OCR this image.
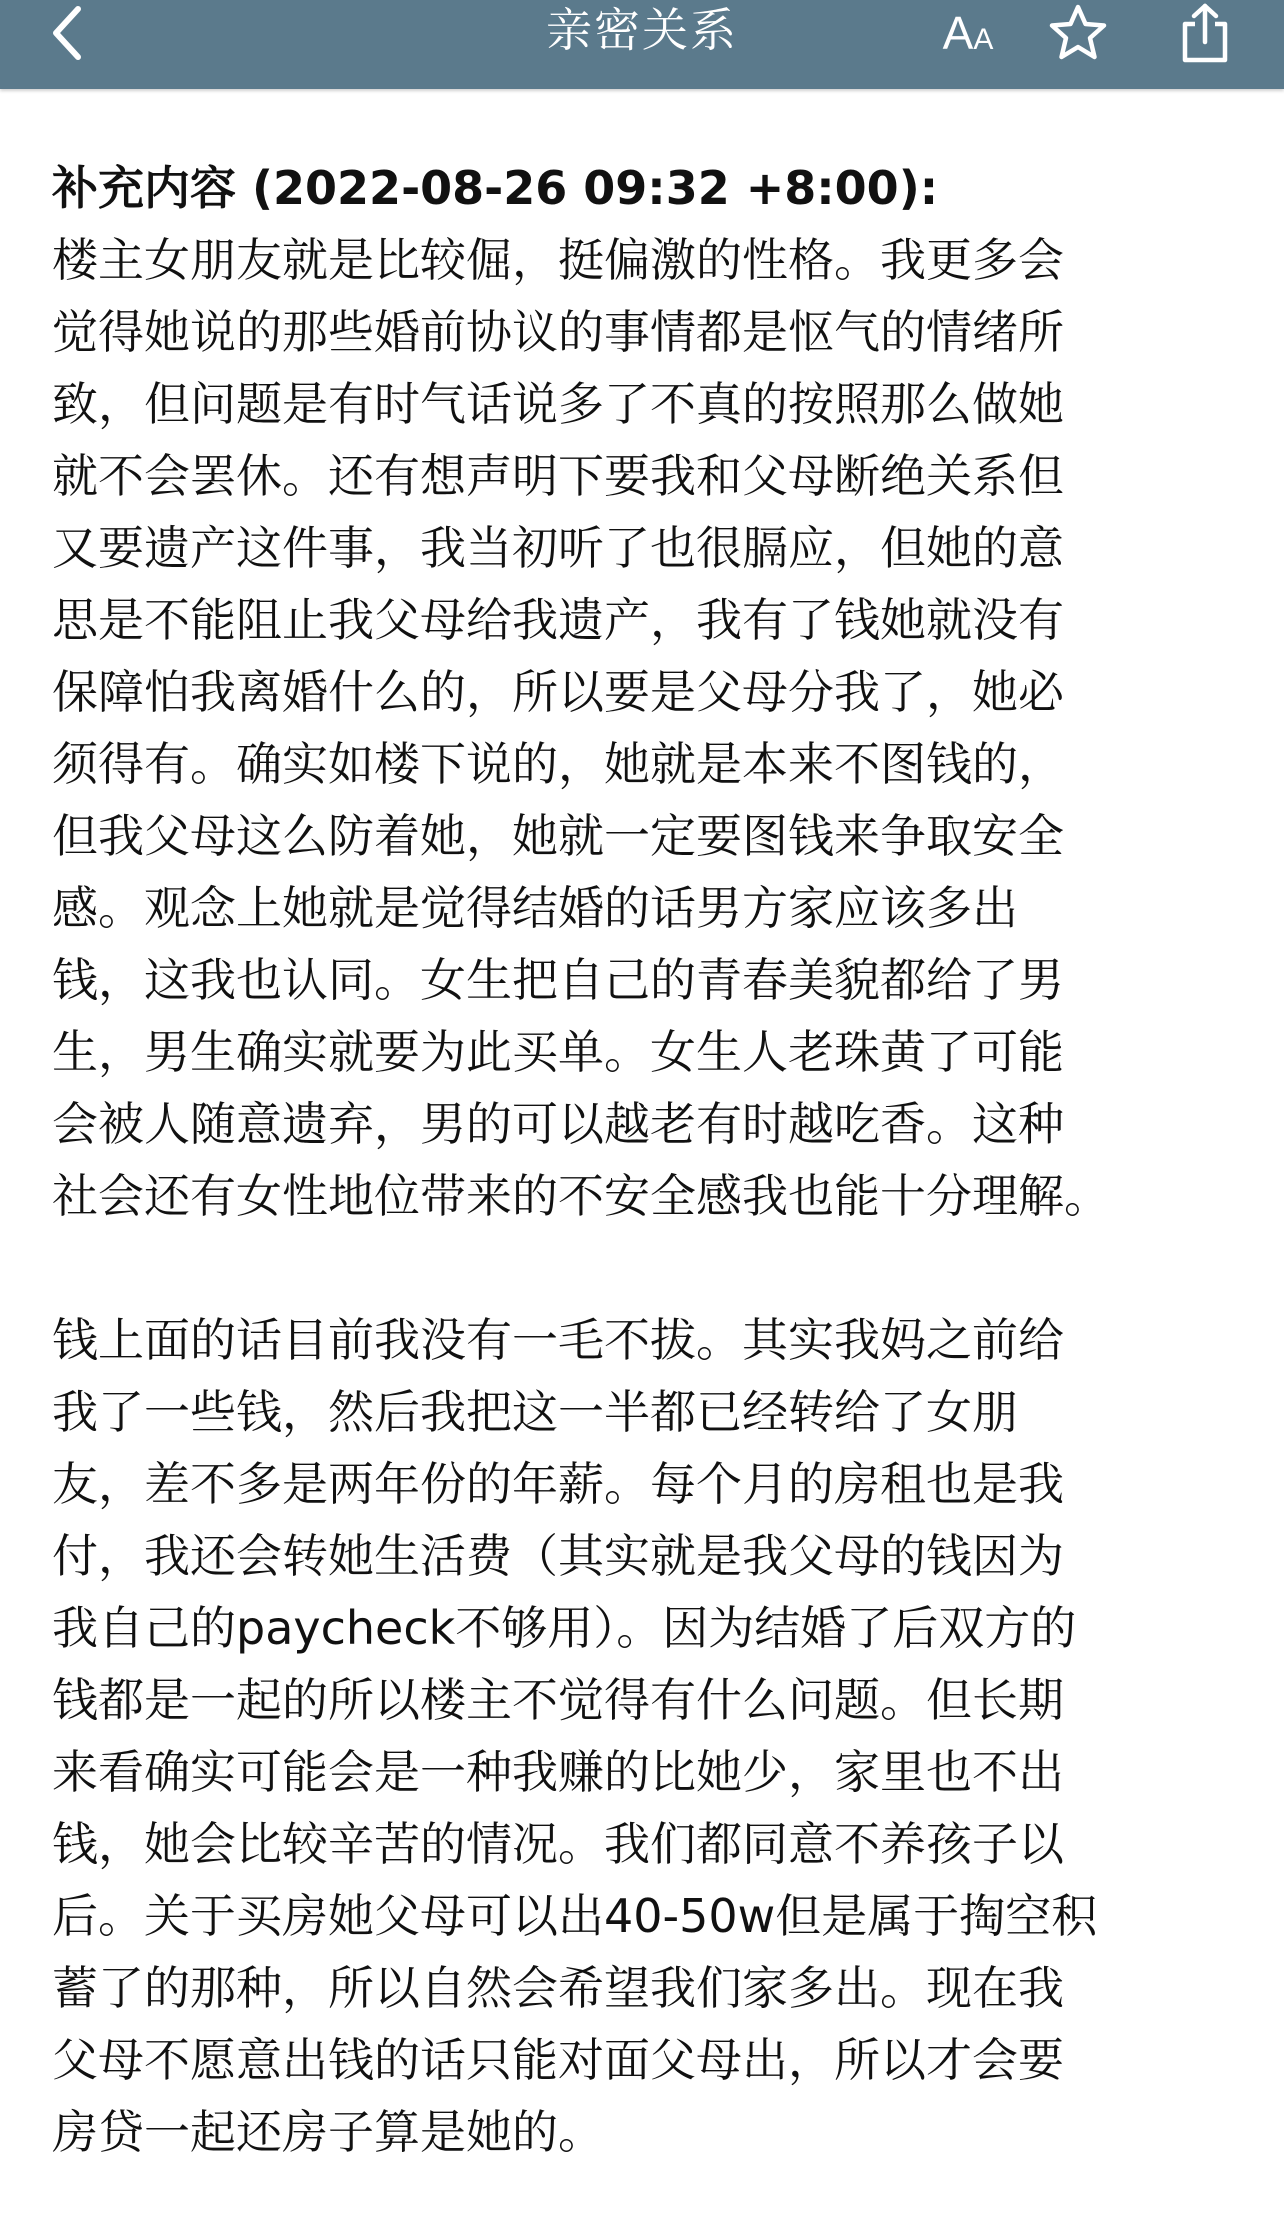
亲密关系	AA
补充内容 (2022-08-26 09:32 +8:00):
楼主女朋友就是比较倔，挺偏激的性格。我更多会
觉得她说的那些婚前协议的事情都是怄气的情绪所
致，但问题是有时气话说多了不真的按照那么做她
就不会罢休。还有想声明下要我和父母断绝关系但
又要遗产这件事，我当初听了也很膈应，但她的意
思是不能阻止我父母给我遗产，我有了钱她就没有
保障怕我离婚什么的，所以要是父母分我了，她必
须得有。确实如楼下说的，她就是本来不图钱的，
但我父母这么防着她，她就一定要图钱来争取安全
感。观念上她就是觉得结婚的话男方家应该多出
钱，这我也认同。女生把自己的青春美貌都给了男
生，男生确实就要为此买单。女生人老珠黄了可能
会被人随意遗弃，男的可以越老有时越吃香。这种
社会还有女性地位带来的不安全感我也能十分理解。
钱上面的话目前我没有一毛不拔。其实我妈之前给
我了一些钱，然后我把这一半都已经转给了女朋
友，差不多是两年份的年薪。每个月的房租也是我
付，我还会转她生活费（其实就是我父母的钱因为
我自己的paycheck不够用）。因为结婚了后双方的
钱都是一起的所以楼主不觉得有什么问题。但长期
来看确实可能会是一种我赚的比她少，家里也不出
钱，她会比较辛苦的情况。我们都同意不养孩子以
后。关于买房她父母可以出40-50w但是属于掏空积
蓄了的那种，所以自然会希望我们家多出。现在我
父母不愿意出钱的话只能对面父母出，所以才会要
房贷一起还房子算是她的。
